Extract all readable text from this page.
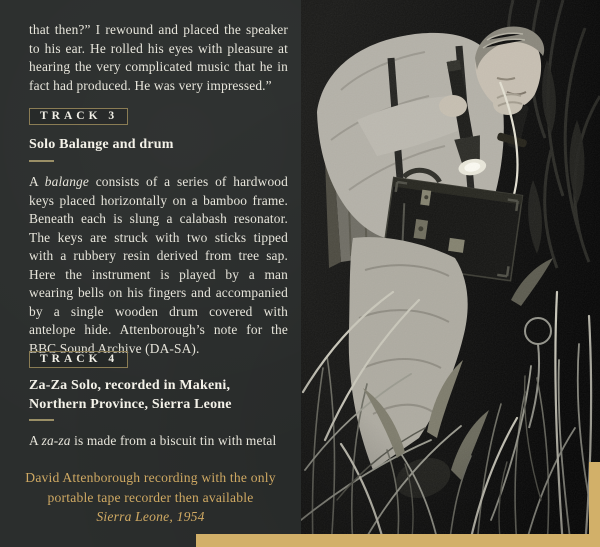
that then?” I rewound and placed the speaker to his ear. He rolled his eyes with pleasure at hearing the very complicated music that he in fact had produced. He was very impressed.”

TRACK 3
Solo Balange and drum

A balange consists of a series of hardwood keys placed horizontally on a bamboo frame. Beneath each is slung a calabash resonator. The keys are struck with two sticks tipped with a rubbery resin derived from tree sap. Here the instrument is played by a man wearing bells on his fingers and accompanied by a single wooden drum covered with antelope hide. Attenborough’s note for the BBC Sound Archive (DA-SA).

TRACK 4
Za-Za Solo, recorded in Makeni, Northern Province, Sierra Leone

A za-za is made from a biscuit tin with metal

David Attenborough recording with the only
portable tape recorder then available
Sierra Leone, 1954
